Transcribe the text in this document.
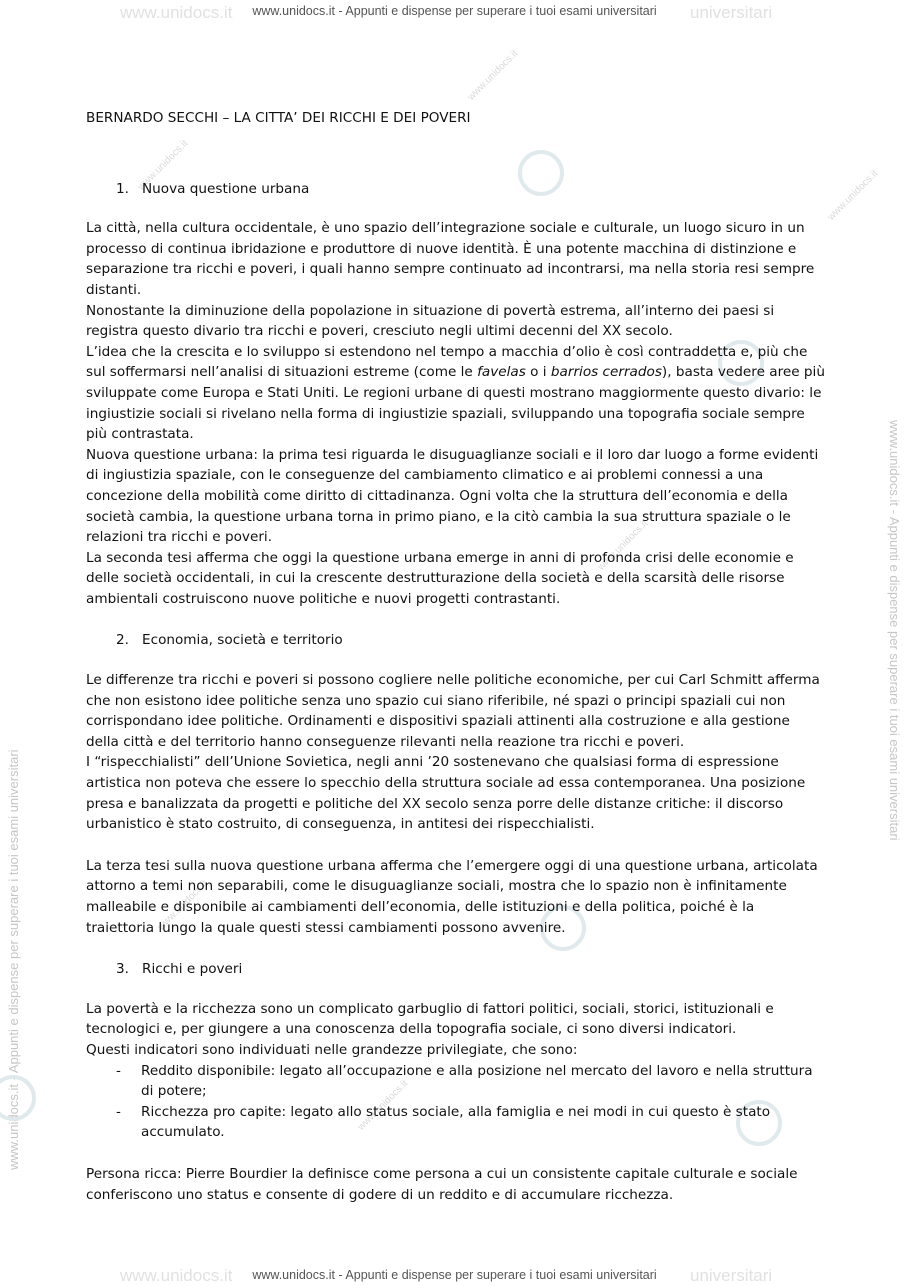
www.unidocs.it	universitari
www.unidocs.it - Appunti e dispense per superare i tuoi esami universitari
www.unidocs.it	universitari
www.unidocs.it - Appunti e dispense per superare i tuoi esami universitari
www.unidocs.it - Appunti e dispense per superare i tuoi esami universitari
www.unidocs.it - Appunti e dispense per superare i tuoi esami universitari
www.unidocs.it
www.unidocs.it
www.unidocs.it
www.unidocs.it
www.unidocs.it
www.unidocs.it
BERNARDO SECCHI – LA CITTA’ DEI RICCHI E DEI POVERI
1. Nuova questione urbana

La città, nella cultura occidentale, è uno spazio dell’integrazione sociale e culturale, un luogo sicuro in un processo di continua ibridazione e produttore di nuove identità. È una potente macchina di distinzione e separazione tra ricchi e poveri, i quali hanno sempre continuato ad incontrarsi, ma nella storia resi sempre distanti.

Nonostante la diminuzione della popolazione in situazione di povertà estrema, all’interno dei paesi si registra questo divario tra ricchi e poveri, cresciuto negli ultimi decenni del XX secolo.

L’idea che la crescita e lo sviluppo si estendono nel tempo a macchia d’olio è così contraddetta e, più che sul soffermarsi nell’analisi di situazioni estreme (come le favelas o i barrios cerrados), basta vedere aree più sviluppate come Europa e Stati Uniti. Le regioni urbane di questi mostrano maggiormente questo divario: le ingiustizie sociali si rivelano nella forma di ingiustizie spaziali, sviluppando una topografia sociale sempre più contrastata.

Nuova questione urbana: la prima tesi riguarda le disuguaglianze sociali e il loro dar luogo a forme evidenti di ingiustizia spaziale, con le conseguenze del cambiamento climatico e ai problemi connessi a una concezione della mobilità come diritto di cittadinanza. Ogni volta che la struttura dell’economia e della società cambia, la questione urbana torna in primo piano, e la citò cambia la sua struttura spaziale o le relazioni tra ricchi e poveri.

La seconda tesi afferma che oggi la questione urbana emerge in anni di profonda crisi delle economie e delle società occidentali, in cui la crescente destrutturazione della società e della scarsità delle risorse ambientali costruiscono nuove politiche e nuovi progetti contrastanti.

2. Economia, società e territorio

Le differenze tra ricchi e poveri si possono cogliere nelle politiche economiche, per cui Carl Schmitt afferma che non esistono idee politiche senza uno spazio cui siano riferibile, né spazi o principi spaziali cui non corrispondano idee politiche. Ordinamenti e dispositivi spaziali attinenti alla costruzione e alla gestione della città e del territorio hanno conseguenze rilevanti nella reazione tra ricchi e poveri.

I “rispecchialisti” dell’Unione Sovietica, negli anni ’20 sostenevano che qualsiasi forma di espressione artistica non poteva che essere lo specchio della struttura sociale ad essa contemporanea. Una posizione presa e banalizzata da progetti e politiche del XX secolo senza porre delle distanze critiche: il discorso urbanistico è stato costruito, di conseguenza, in antitesi dei rispecchialisti.

La terza tesi sulla nuova questione urbana afferma che l’emergere oggi di una questione urbana, articolata attorno a temi non separabili, come le disuguaglianze sociali, mostra che lo spazio non è infinitamente malleabile e disponibile ai cambiamenti dell’economia, delle istituzioni e della politica, poiché è la traiettoria lungo la quale questi stessi cambiamenti possono avvenire.

3. Ricchi e poveri

La povertà e la ricchezza sono un complicato garbuglio di fattori politici, sociali, storici, istituzionali e tecnologici e, per giungere a una conoscenza della topografia sociale, ci sono diversi indicatori.

Questi indicatori sono individuati nelle grandezze privilegiate, che sono:

- Reddito disponibile: legato all’occupazione e alla posizione nel mercato del lavoro e nella struttura di potere;
- Ricchezza pro capite: legato allo status sociale, alla famiglia e nei modi in cui questo è stato accumulato.

Persona ricca: Pierre Bourdier la definisce come persona a cui un consistente capitale culturale e sociale conferiscono uno status e consente di godere di un reddito e di accumulare ricchezza.
